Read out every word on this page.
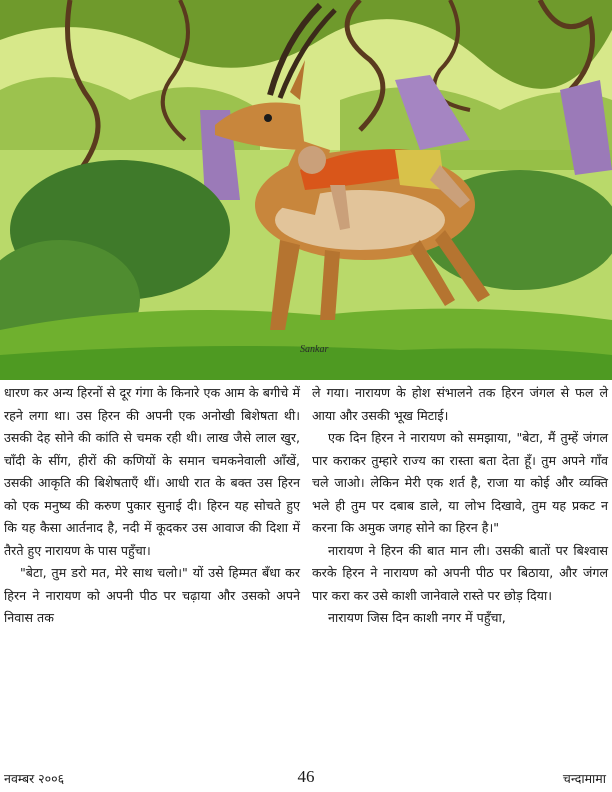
Sankar

धारण कर अन्य हिरनों से दूर गंगा के किनारे एक आम के बगीचे में रहने लगा था। उस हिरन की अपनी एक अनोखी बिशेषता थी। उसकी देह सोने की कांति से चमक रही थी। लाख जैसे लाल खुर, चाँदी के सींग, हीरों की कणियों के समान चमकनेवाली आँखें, उसकी आकृति की बिशेषताएँ थीं। आधी रात के बक्त उस हिरन को एक मनुष्य की करुण पुकार सुनाई दी। हिरन यह सोचते हुए कि यह कैसा आर्तनाद है, नदी में कूदकर उस आवाज की दिशा में तैरते हुए नारायण के पास पहुँचा।

"बेटा, तुम डरो मत, मेरे साथ चलो।" यों उसे हिम्मत बँधा कर हिरन ने नारायण को अपनी पीठ पर चढ़ाया और उसको अपने निवास तक

ले गया। नारायण के होश संभालने तक हिरन जंगल से फल ले आया और उसकी भूख मिटाई।

एक दिन हिरन ने नारायण को समझाया, "बेटा, मैं तुम्हें जंगल पार कराकर तुम्हारे राज्य का रास्ता बता देता हूँ। तुम अपने गाँव चले जाओ। लेकिन मेरी एक शर्त है, राजा या कोई और व्यक्ति भले ही तुम पर दबाब डाले, या लोभ दिखावे, तुम यह प्रकट न करना कि अमुक जगह सोने का हिरन है।"

नारायण ने हिरन की बात मान ली। उसकी बातों पर बिश्वास करके हिरन ने नारायण को अपनी पीठ पर बिठाया, और जंगल पार करा कर उसे काशी जानेवाले रास्ते पर छोड़ दिया।

नारायण जिस दिन काशी नगर में पहुँचा,

नवम्बर २००६	46	चन्दामामा
